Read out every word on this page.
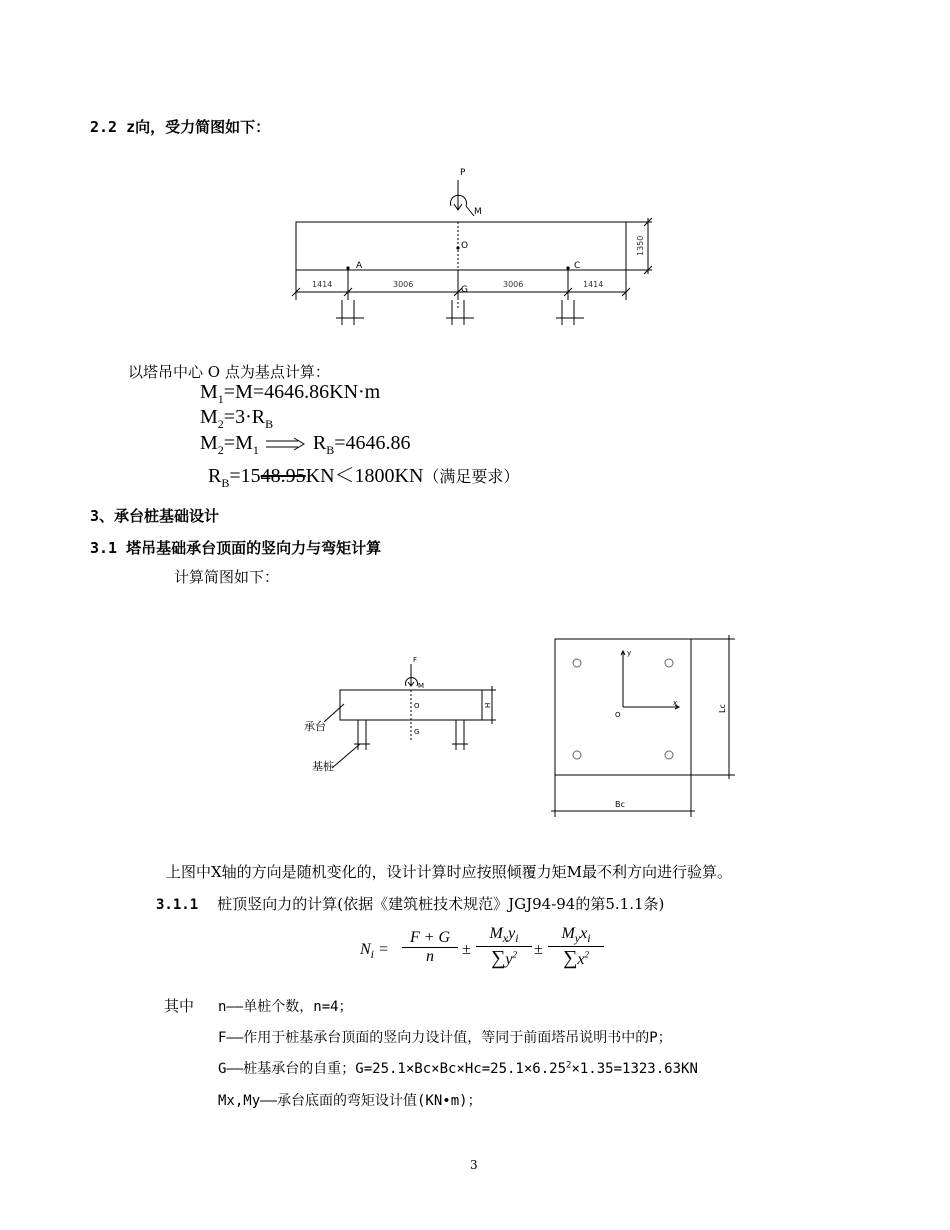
2.2 z向，受力简图如下：
P
M
O
G
A	C
1414	3006	3006	1414
1350
以塔吊中心 O 点为基点计算：
$M_1=M=4646.86KN\cdot m$
$M_2=3\cdot R_B$
$M_2=M_1$	$R_B=4646.86$
$R_B=1548.95KN<1800KN$（满足要求）
3、承台桩基础设计
3.1 塔吊基础承台顶面的竖向力与弯矩计算
计算简图如下：
F
M
O
G
H
承台
基桩
y
x
O
Lc
Bc
上图中X轴的方向是随机变化的，设计计算时应按照倾覆力矩M最不利方向进行验算。
3.1.1 桩顶竖向力的计算(依据《建筑桩技术规范》JGJ94-94的第5.1.1条)
$N_i$ =
F + G
n	±
$M_xy_i$
$\sum y^2$	±
$M_yx_i$
$\sum x^2$
其中 n——单桩个数，n=4；
F——作用于桩基承台顶面的竖向力设计值，等同于前面塔吊说明书中的P；
G——桩基承台的自重；$G=25.1\times Bc\times Bc\times Hc=25.1\times 6.25^2\times 1.35=1323.63KN$
Mx,My——承台底面的弯矩设计值(KN•m)；
3
